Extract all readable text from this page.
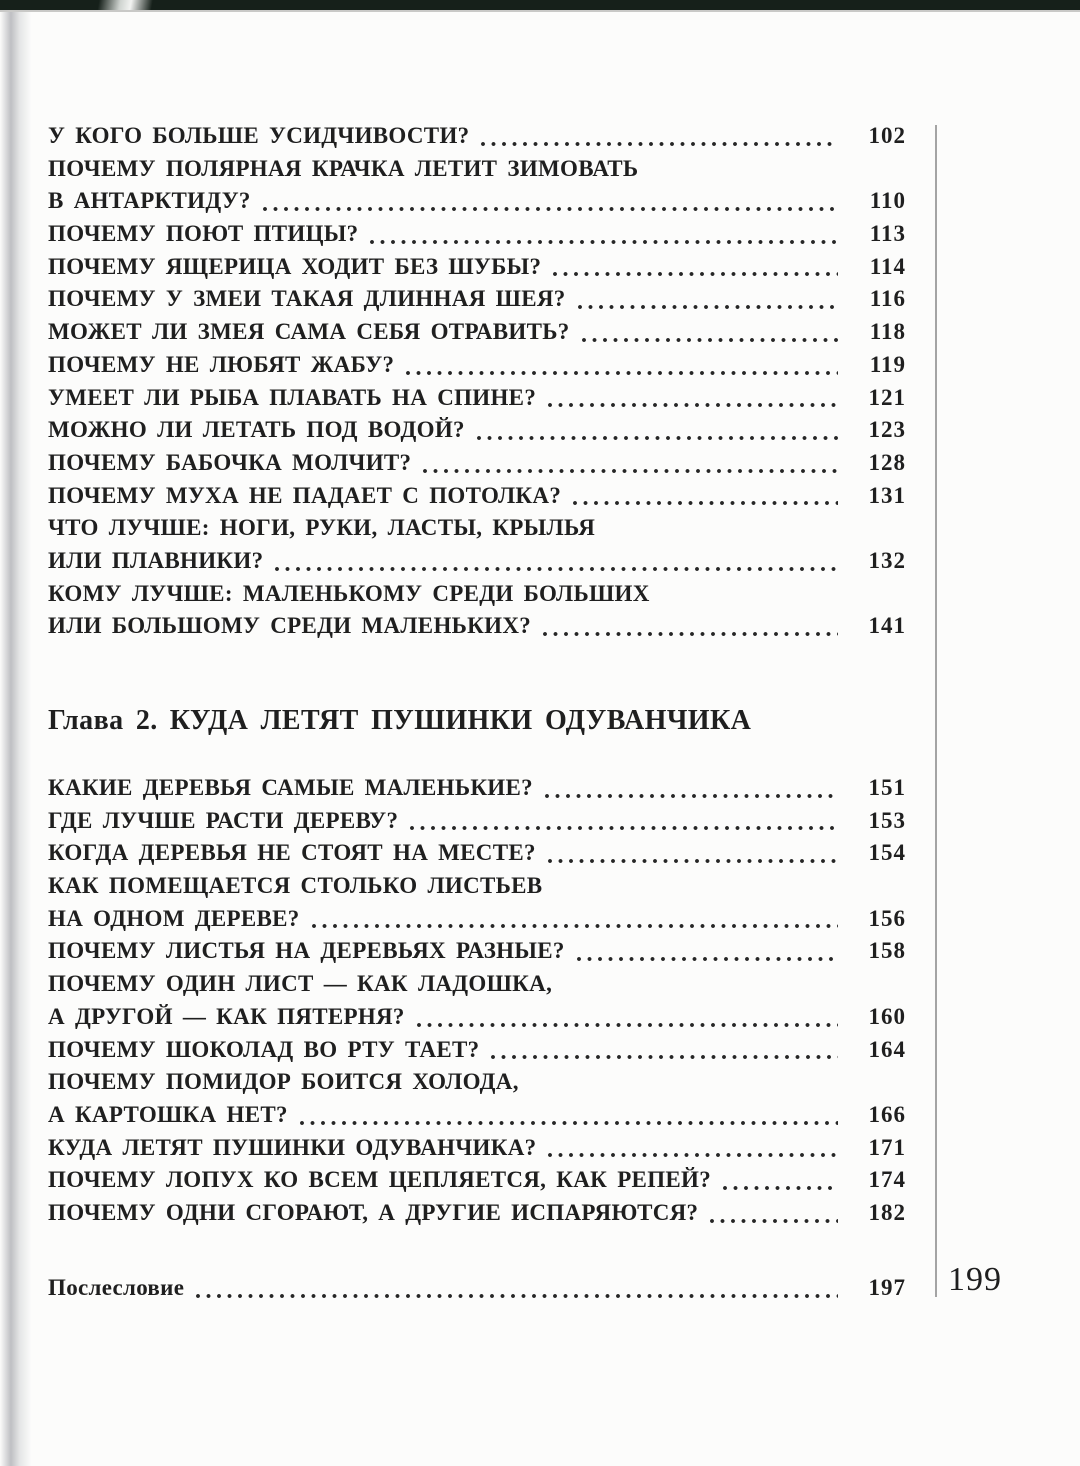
199
У КОГО БОЛЬШЕ УСИДЧИВОСТИ?	102
ПОЧЕМУ ПОЛЯРНАЯ КРАЧКА ЛЕТИТ ЗИМОВАТЬ
В АНТАРКТИДУ?	110
ПОЧЕМУ ПОЮТ ПТИЦЫ?	113
ПОЧЕМУ ЯЩЕРИЦА ХОДИТ БЕЗ ШУБЫ?	114
ПОЧЕМУ У ЗМЕИ ТАКАЯ ДЛИННАЯ ШЕЯ?	116
МОЖЕТ ЛИ ЗМЕЯ САМА СЕБЯ ОТРАВИТЬ?	118
ПОЧЕМУ НЕ ЛЮБЯТ ЖАБУ?	119
УМЕЕТ ЛИ РЫБА ПЛАВАТЬ НА СПИНЕ?	121
МОЖНО ЛИ ЛЕТАТЬ ПОД ВОДОЙ?	123
ПОЧЕМУ БАБОЧКА МОЛЧИТ?	128
ПОЧЕМУ МУХА НЕ ПАДАЕТ С ПОТОЛКА?	131
ЧТО ЛУЧШЕ: НОГИ, РУКИ, ЛАСТЫ, КРЫЛЬЯ
ИЛИ ПЛАВНИКИ?	132
КОМУ ЛУЧШЕ: МАЛЕНЬКОМУ СРЕДИ БОЛЬШИХ
ИЛИ БОЛЬШОМУ СРЕДИ МАЛЕНЬКИХ?	141
Глава 2. КУДА ЛЕТЯТ ПУШИНКИ ОДУВАНЧИКА
КАКИЕ ДЕРЕВЬЯ САМЫЕ МАЛЕНЬКИЕ?	151
ГДЕ ЛУЧШЕ РАСТИ ДЕРЕВУ?	153
КОГДА ДЕРЕВЬЯ НЕ СТОЯТ НА МЕСТЕ?	154
КАК ПОМЕЩАЕТСЯ СТОЛЬКО ЛИСТЬЕВ
НА ОДНОМ ДЕРЕВЕ?	156
ПОЧЕМУ ЛИСТЬЯ НА ДЕРЕВЬЯХ РАЗНЫЕ?	158
ПОЧЕМУ ОДИН ЛИСТ — КАК ЛАДОШКА,
А ДРУГОЙ — КАК ПЯТЕРНЯ?	160
ПОЧЕМУ ШОКОЛАД ВО РТУ ТАЕТ?	164
ПОЧЕМУ ПОМИДОР БОИТСЯ ХОЛОДА,
А КАРТОШКА НЕТ?	166
КУДА ЛЕТЯТ ПУШИНКИ ОДУВАНЧИКА?	171
ПОЧЕМУ ЛОПУХ КО ВСЕМ ЦЕПЛЯЕТСЯ, КАК РЕПЕЙ?	174
ПОЧЕМУ ОДНИ СГОРАЮТ, А ДРУГИЕ ИСПАРЯЮТСЯ?	182
Послесловие	197
